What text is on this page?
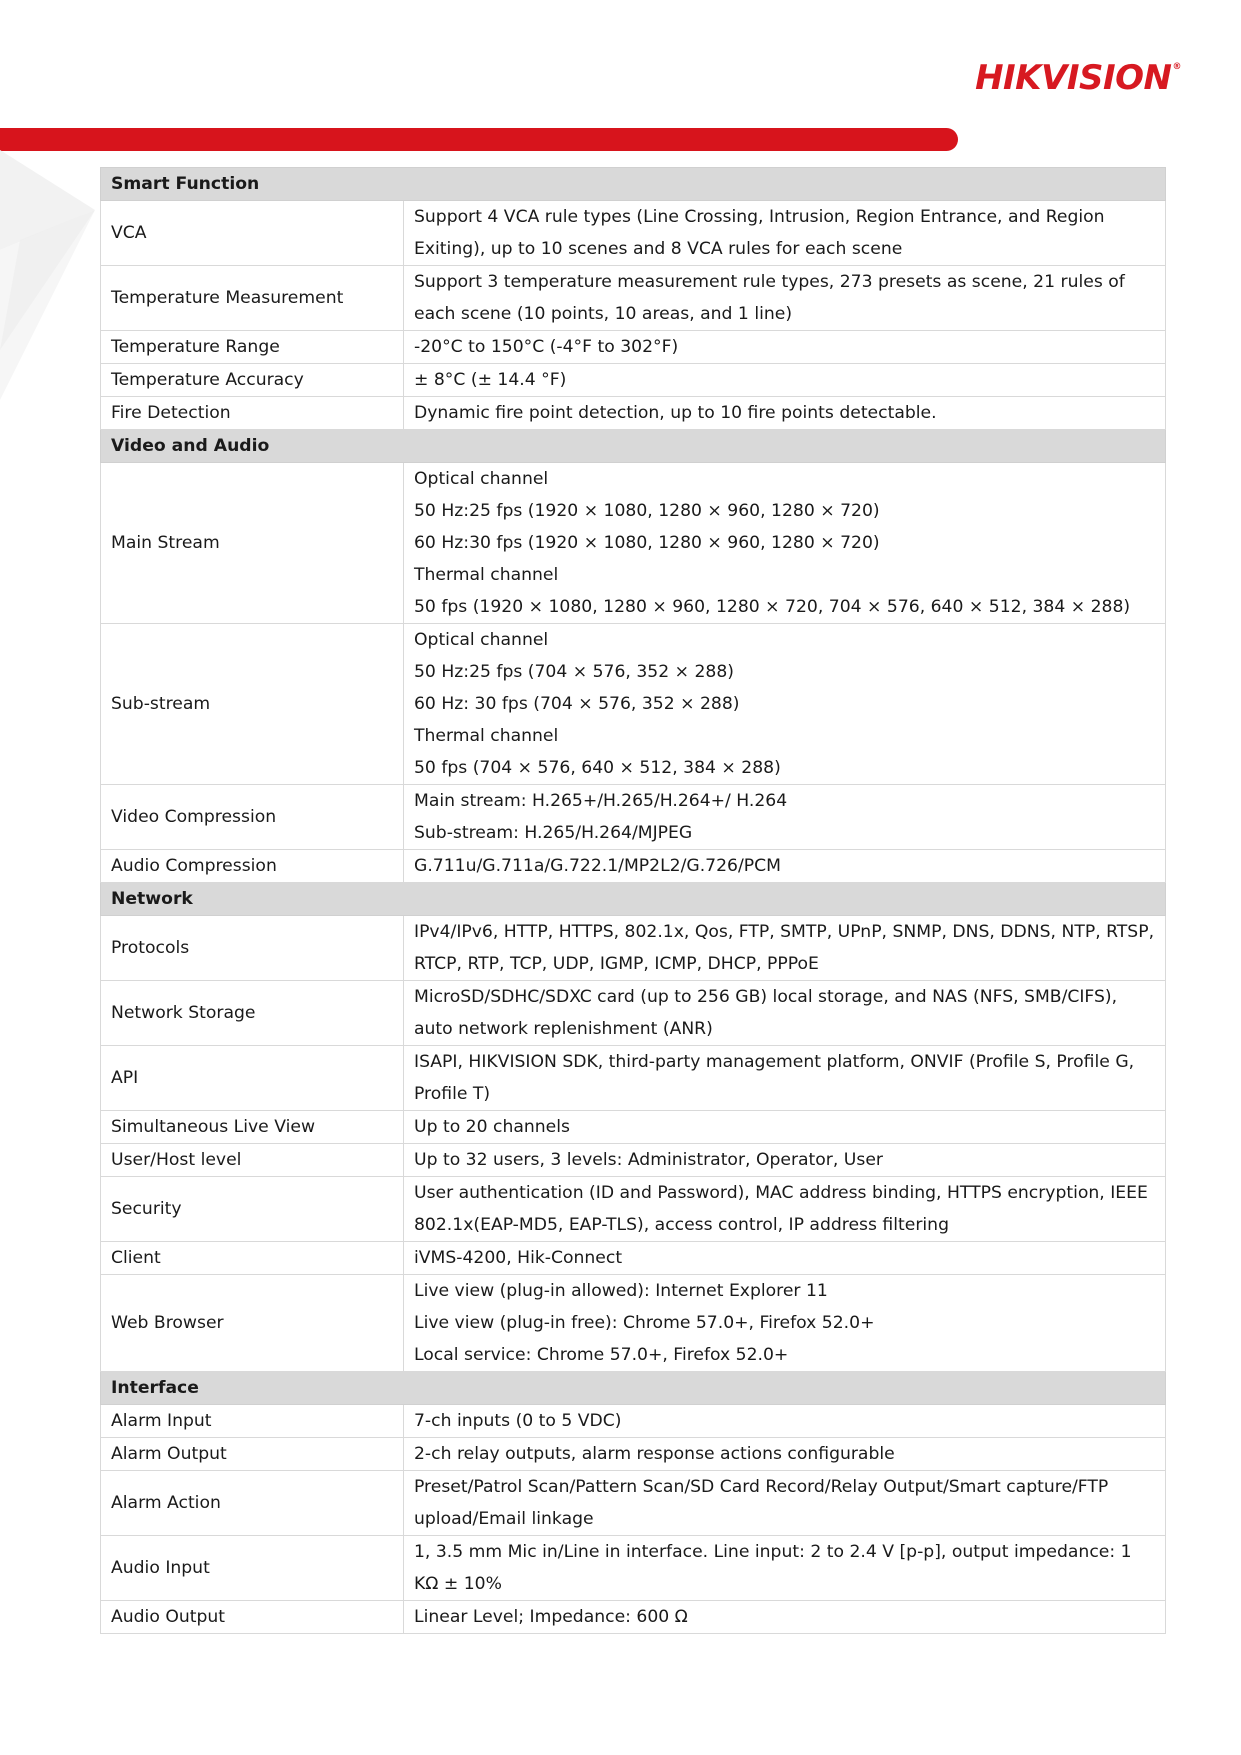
HIKVISION®
Smart Function	
VCA	Support 4 VCA rule types (Line Crossing, Intrusion, Region Entrance, and Region Exiting), up to 10 scenes and 8 VCA rules for each scene

Temperature Measurement	Support 3 temperature measurement rule types, 273 presets as scene, 21 rules of each scene (10 points, 10 areas, and 1 line)

Temperature Range	-20°C to 150°C (-4°F to 302°F)

Temperature Accuracy	± 8°C (± 14.4 °F)

Fire Detection	Dynamic fire point detection, up to 10 fire points detectable.

Video and Audio	
Main Stream	Optical channel
50 Hz:25 fps (1920 × 1080, 1280 × 960, 1280 × 720)
60 Hz:30 fps (1920 × 1080, 1280 × 960, 1280 × 720)
Thermal channel
50 fps (1920 × 1080, 1280 × 960, 1280 × 720, 704 × 576, 640 × 512, 384 × 288)

Sub-stream	Optical channel
50 Hz:25 fps (704 × 576, 352 × 288)
60 Hz: 30 fps (704 × 576, 352 × 288)
Thermal channel
50 fps (704 × 576, 640 × 512, 384 × 288)

Video Compression	Main stream: H.265+/H.265/H.264+/ H.264
Sub-stream: H.265/H.264/MJPEG

Audio Compression	G.711u/G.711a/G.722.1/MP2L2/G.726/PCM

Network	
Protocols	IPv4/IPv6, HTTP, HTTPS, 802.1x, Qos, FTP, SMTP, UPnP, SNMP, DNS, DDNS, NTP, RTSP, RTCP, RTP, TCP, UDP, IGMP, ICMP, DHCP, PPPoE

Network Storage	MicroSD/SDHC/SDXC card (up to 256 GB) local storage, and NAS (NFS, SMB/CIFS), auto network replenishment (ANR)

API	ISAPI, HIKVISION SDK, third-party management platform, ONVIF (Profile S, Profile G, Profile T)

Simultaneous Live View	Up to 20 channels

User/Host level	Up to 32 users, 3 levels: Administrator, Operator, User

Security	User authentication (ID and Password), MAC address binding, HTTPS encryption, IEEE 802.1x(EAP-MD5, EAP-TLS), access control, IP address filtering

Client	iVMS-4200, Hik-Connect

Web Browser	Live view (plug-in allowed): Internet Explorer 11
Live view (plug-in free): Chrome 57.0+, Firefox 52.0+
Local service: Chrome 57.0+, Firefox 52.0+

Interface	
Alarm Input	7-ch inputs (0 to 5 VDC)

Alarm Output	2-ch relay outputs, alarm response actions configurable

Alarm Action	Preset/Patrol Scan/Pattern Scan/SD Card Record/Relay Output/Smart capture/FTP upload/Email linkage

Audio Input	1, 3.5 mm Mic in/Line in interface. Line input: 2 to 2.4 V [p-p], output impedance: 1 KΩ ± 10%

Audio Output	Linear Level; Impedance: 600 Ω
